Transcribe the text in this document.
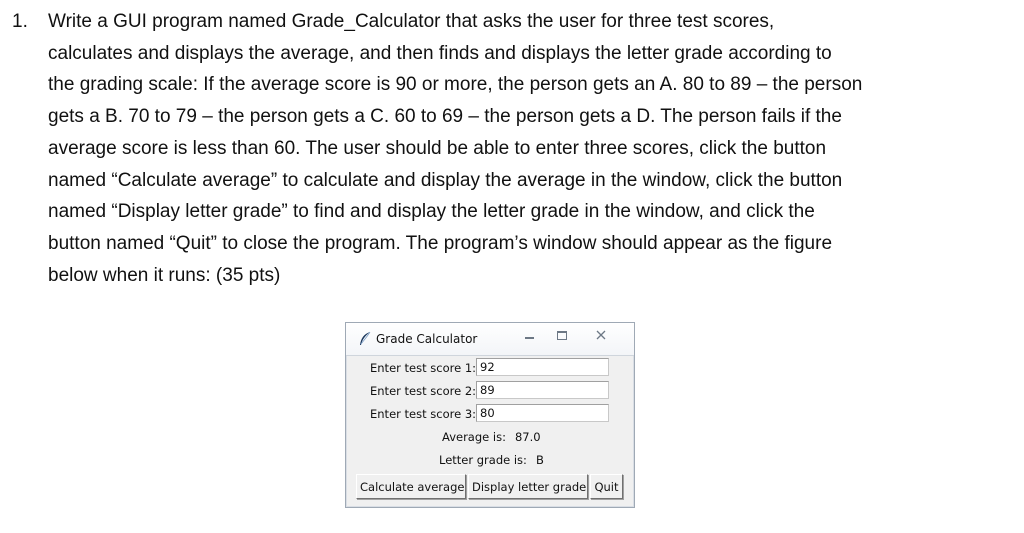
1. Write a GUI program named Grade_Calculator that asks the user for three test scores,
calculates and displays the average, and then finds and displays the letter grade according to
the grading scale: If the average score is 90 or more, the person gets an A. 80 to 89 – the person
gets a B. 70 to 79 – the person gets a C. 60 to 69 – the person gets a D. The person fails if the
average score is less than 60. The user should be able to enter three scores, click the button
named “Calculate average” to calculate and display the average in the window, click the button
named “Display letter grade” to find and display the letter grade in the window, and click the
button named “Quit” to close the program. The program’s window should appear as the figure
below when it runs: (35 pts)
Grade Calculator
Enter test score 1:
92
Enter test score 2:
89
Enter test score 3:
80
Average is: 87.0
Letter grade is: B
Calculate average Display letter grade Quit
